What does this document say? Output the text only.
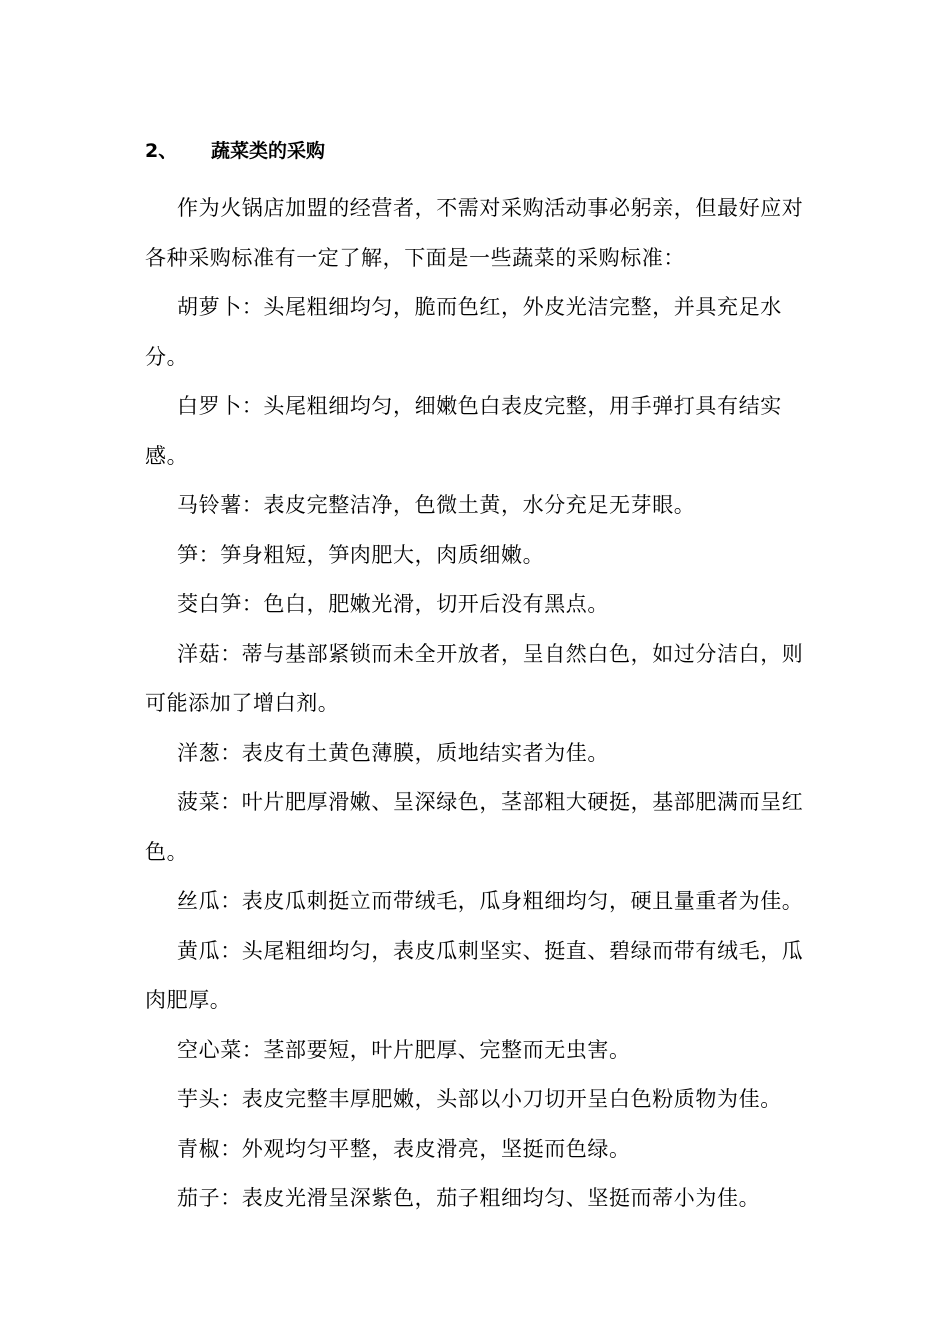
2、 蔬菜类的采购

作为火锅店加盟的经营者，不需对采购活动事必躬亲，但最好应对各种采购标准有一定了解，下面是一些蔬菜的采购标准：

胡萝卜：头尾粗细均匀，脆而色红，外皮光洁完整，并具充足水分。

白罗卜：头尾粗细均匀，细嫩色白表皮完整，用手弹打具有结实感。

马铃薯：表皮完整洁净，色微土黄，水分充足无芽眼。

笋：笋身粗短，笋肉肥大，肉质细嫩。

茭白笋：色白，肥嫩光滑，切开后没有黑点。

洋菇：蒂与基部紧锁而未全开放者，呈自然白色，如过分洁白，则可能添加了增白剂。

洋葱：表皮有土黄色薄膜，质地结实者为佳。

菠菜：叶片肥厚滑嫩、呈深绿色，茎部粗大硬挺，基部肥满而呈红色。

丝瓜：表皮瓜刺挺立而带绒毛，瓜身粗细均匀，硬且量重者为佳。

黄瓜：头尾粗细均匀，表皮瓜刺坚实、挺直、碧绿而带有绒毛，瓜肉肥厚。

空心菜：茎部要短，叶片肥厚、完整而无虫害。

芋头：表皮完整丰厚肥嫩，头部以小刀切开呈白色粉质物为佳。

青椒：外观均匀平整，表皮滑亮，坚挺而色绿。

茄子：表皮光滑呈深紫色，茄子粗细均匀、坚挺而蒂小为佳。
